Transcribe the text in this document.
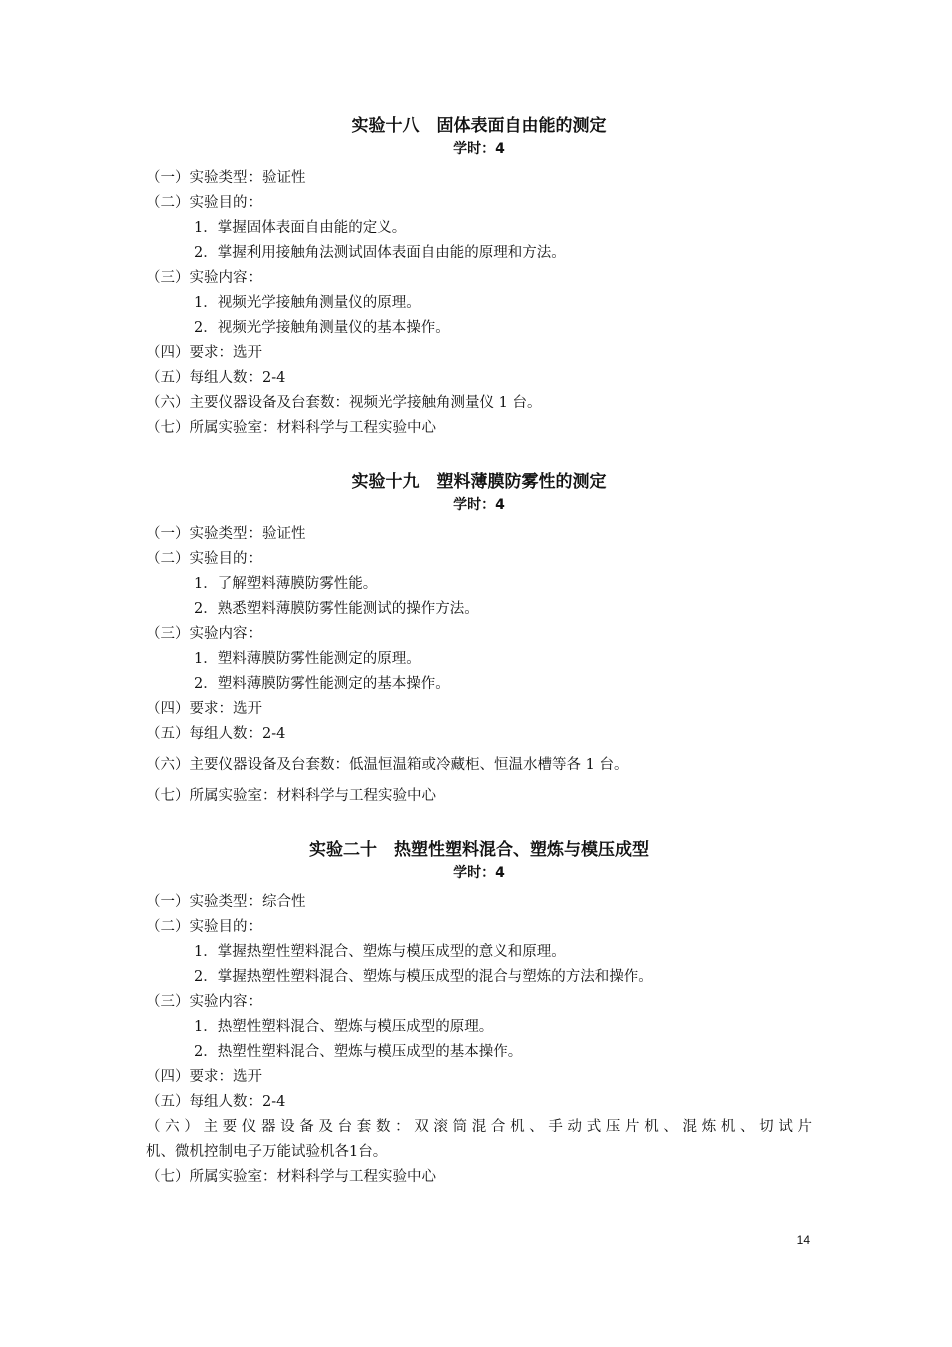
实验十八　固体表面自由能的测定
学时：4
（一）实验类型：验证性
（二）实验目的：
1．掌握固体表面自由能的定义。
2．掌握利用接触角法测试固体表面自由能的原理和方法。
（三）实验内容：
1．视频光学接触角测量仪的原理。
2．视频光学接触角测量仪的基本操作。
（四）要求：选开
（五）每组人数：2-4
（六）主要仪器设备及台套数：视频光学接触角测量仪 1 台。
（七）所属实验室：材料科学与工程实验中心
实验十九　塑料薄膜防雾性的测定
学时：4
（一）实验类型：验证性
（二）实验目的：
1．了解塑料薄膜防雾性能。
2．熟悉塑料薄膜防雾性能测试的操作方法。
（三）实验内容：
1．塑料薄膜防雾性能测定的原理。
2．塑料薄膜防雾性能测定的基本操作。
（四）要求：选开
（五）每组人数：2-4
（六）主要仪器设备及台套数：低温恒温箱或冷藏柜、恒温水槽等各 1 台。
（七）所属实验室：材料科学与工程实验中心
实验二十　热塑性塑料混合、塑炼与模压成型
学时：4
（一）实验类型：综合性
（二）实验目的：
1．掌握热塑性塑料混合、塑炼与模压成型的意义和原理。
2．掌握热塑性塑料混合、塑炼与模压成型的混合与塑炼的方法和操作。
（三）实验内容：
1．热塑性塑料混合、塑炼与模压成型的原理。
2．热塑性塑料混合、塑炼与模压成型的基本操作。
（四）要求：选开
（五）每组人数：2-4
（六）主要仪器设备及台套数：双滚筒混合机、手动式压片机、混炼机、切试片
机、微机控制电子万能试验机各1台。
（七）所属实验室：材料科学与工程实验中心
14
